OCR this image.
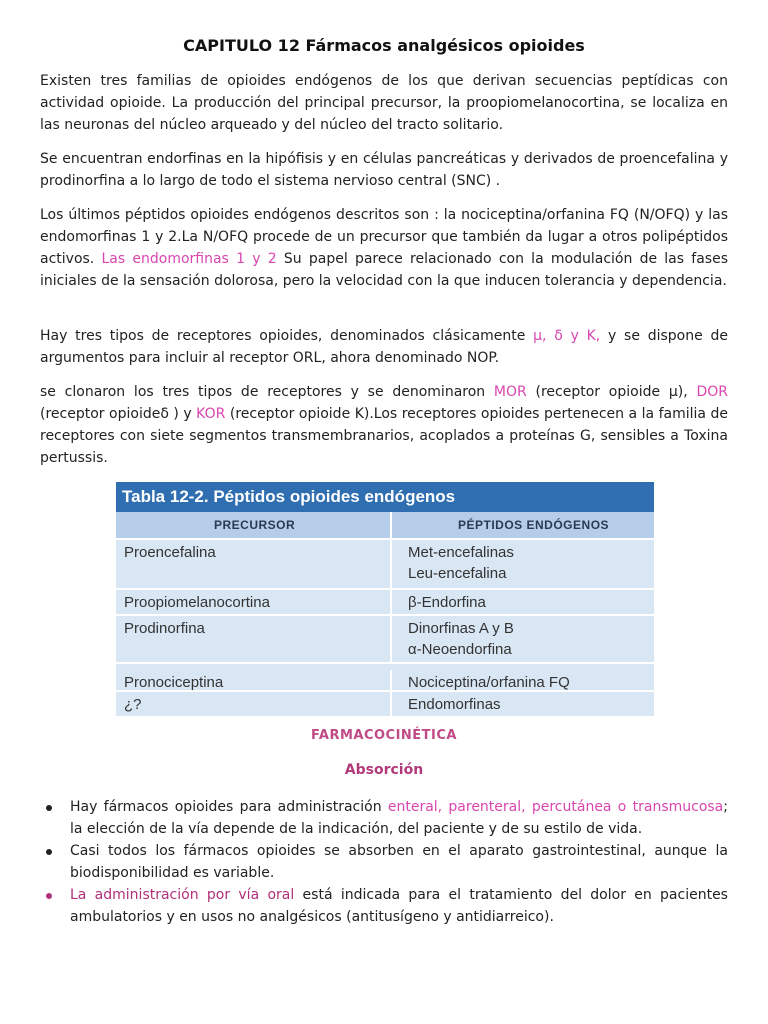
CAPITULO 12 Fármacos analgésicos opioides

Existen tres familias de opioides endógenos de los que derivan secuencias peptídicas con actividad opioide. La producción del principal precursor, la proopiomelanocortina, se localiza en las neuronas del núcleo arqueado y del núcleo del tracto solitario.

Se encuentran endorfinas en la hipófisis y en células pancreáticas y derivados de proencefalina y prodinorfina a lo largo de todo el sistema nervioso central (SNC) .

Los últimos péptidos opioides endógenos descritos son : la nociceptina/orfanina FQ (N/OFQ) y las endomorfinas 1 y 2.La N/OFQ procede de un precursor que también da lugar a otros polipéptidos activos. Las endomorfinas 1 y 2 Su papel parece relacionado con la modulación de las fases iniciales de la sensación dolorosa, pero la velocidad con la que inducen tolerancia y dependencia.

Hay tres tipos de receptores opioides, denominados clásicamente μ, δ y Κ, y se dispone de argumentos para incluir al receptor ORL, ahora denominado NOP.

se clonaron los tres tipos de receptores y se denominaron MOR (receptor opioide μ), DOR (receptor opioideδ ) y KOR (receptor opioide Κ).Los receptores opioides pertenecen a la familia de receptores con siete segmentos transmembranarios, acoplados a proteínas G, sensibles a Toxina pertussis.

Tabla 12-2. Péptidos opioides endógenos
PRECURSOR	PÉPTIDOS ENDÓGENOS
Proencefalina	Met-encefalinas
Leu-encefalina
Proopiomelanocortina	β-Endorfina
Prodinorfina	Dinorfinas A y B
α-Neoendorfina
Pronociceptina	Nociceptina/orfanina FQ
¿?	Endomorfinas
FARMACOCINÉTICA
Absorción
Hay fármacos opioides para administración enteral, parenteral, percutánea o transmucosa; la elección de la vía depende de la indicación, del paciente y de su estilo de vida.
Casi todos los fármacos opioides se absorben en el aparato gastrointestinal, aunque la biodisponibilidad es variable.
La administración por vía oral está indicada para el tratamiento del dolor en pacientes ambulatorios y en usos no analgésicos (antitusígeno y antidiarreico).
